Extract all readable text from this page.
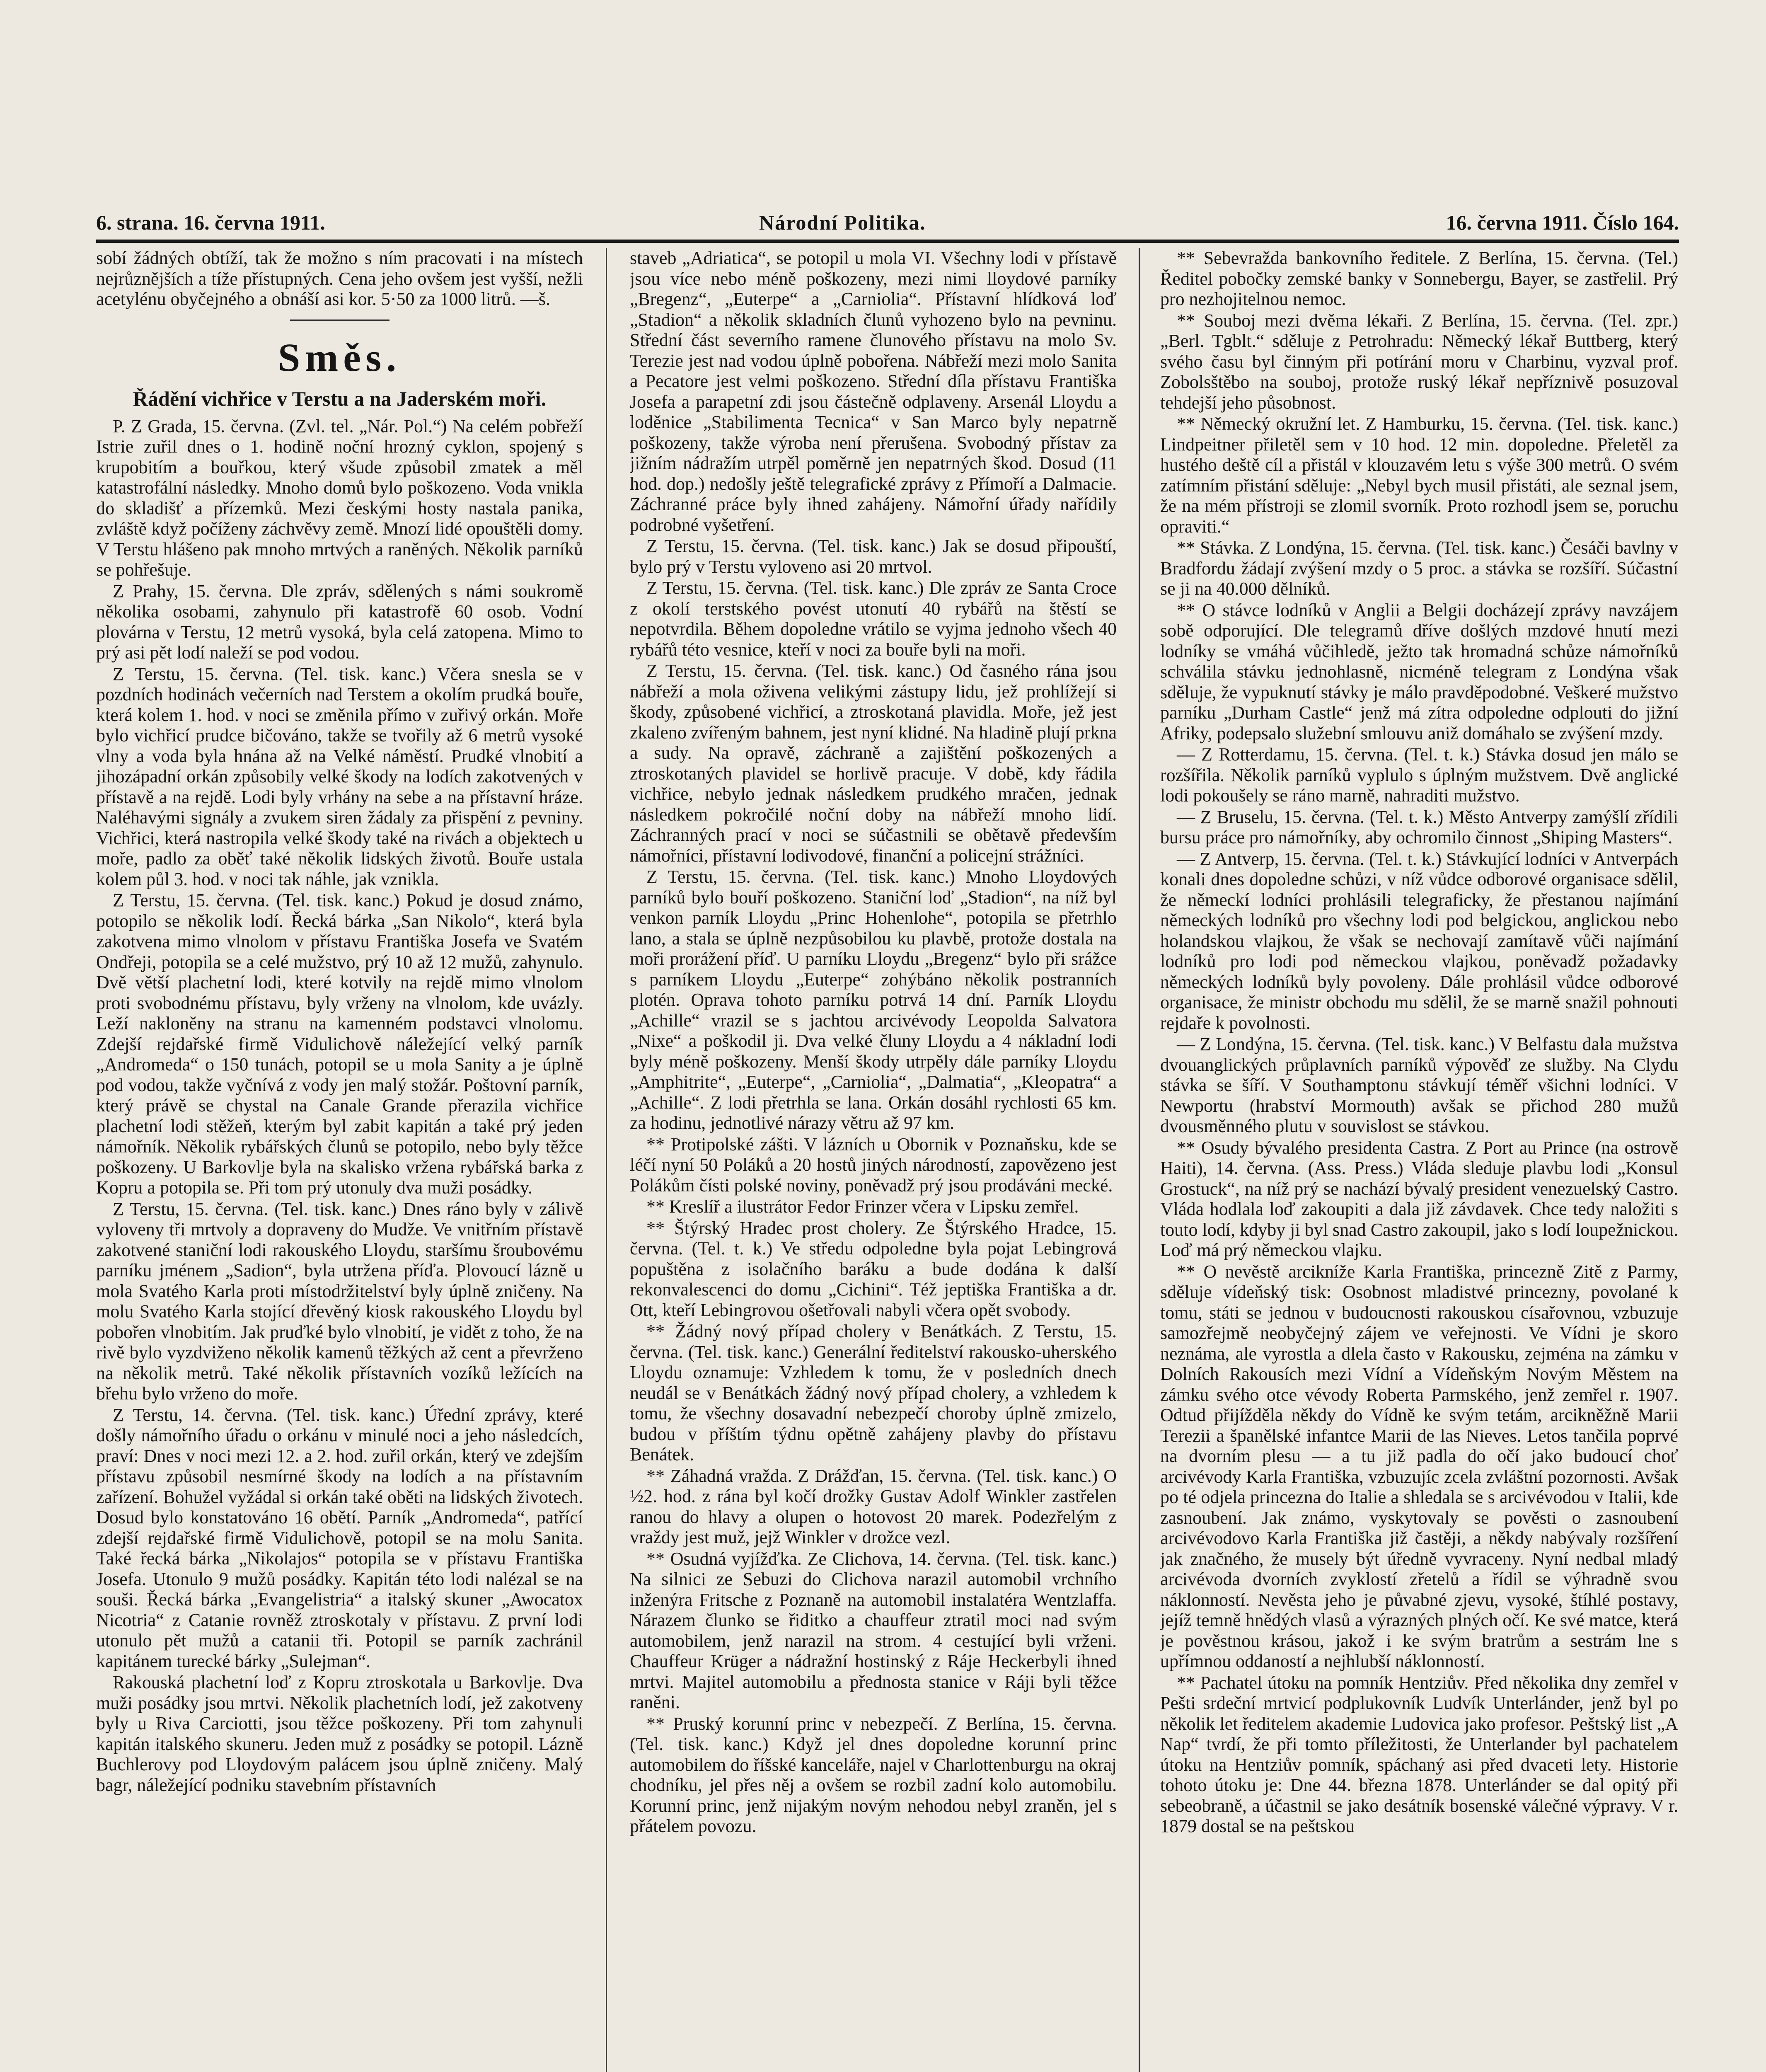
6. strana. 16. června 1911.	Národní Politika.	16. června 1911. Číslo 164.

sobí žádných obtíží, tak že možno s ním pracovati i na místech nejrůznějších a tíže přístupných. Cena jeho ovšem jest vyšší, nežli acetylénu obyčejného a obnáší asi kor. 5·50 za 1000 litrů. —š.

Směs.
Řádění vichřice v Terstu a na Jaderském moři.

P. Z Grada, 15. června. (Zvl. tel. „Nár. Pol.“) Na celém pobřeží Istrie zuřil dnes o 1. hodině noční hrozný cyklon, spojený s krupobitím a bouřkou, který všude způsobil zmatek a měl katastrofální následky. Mnoho domů bylo poškozeno. Voda vnikla do skladišť a přízemků. Mezi českými hosty nastala panika, zvláště když počíženy záchvěvy země. Mnozí lidé opouštěli domy. V Terstu hlášeno pak mnoho mrtvých a raněných. Několik parníků se pohřešuje.

Z Prahy, 15. června. Dle zpráv, sdělených s námi soukromě několika osobami, zahynulo při katastrofě 60 osob. Vodní plovárna v Terstu, 12 metrů vysoká, byla celá zatopena. Mimo to prý asi pět lodí naleží se pod vodou.

Z Terstu, 15. června. (Tel. tisk. kanc.) Včera snesla se v pozdních hodinách večerních nad Terstem a okolím prudká bouře, která kolem 1. hod. v noci se změnila přímo v zuřivý orkán. Moře bylo vichřicí prudce bičováno, takže se tvořily až 6 metrů vysoké vlny a voda byla hnána až na Velké náměstí. Prudké vlnobití a jihozápadní orkán způsobily velké škody na lodích zakotvených v přístavě a na rejdě. Lodi byly vrhány na sebe a na přístavní hráze. Naléhavými signály a zvukem siren žádaly za přispění z pevniny. Vichřici, která nastropila velké škody také na rivách a objektech u moře, padlo za oběť také několik lidských životů. Bouře ustala kolem půl 3. hod. v noci tak náhle, jak vznikla.

Z Terstu, 15. června. (Tel. tisk. kanc.) Pokud je dosud známo, potopilo se několik lodí. Řecká bárka „San Nikolo“, která byla zakotvena mimo vlnolom v přístavu Františka Josefa ve Svatém Ondřeji, potopila se a celé mužstvo, prý 10 až 12 mužů, zahynulo. Dvě větší plachetní lodi, které kotvily na rejdě mimo vlnolom proti svobodnému přístavu, byly vrženy na vlnolom, kde uvázly. Leží nakloněny na stranu na kamenném podstavci vlnolomu. Zdejší rejdařské firmě Vidulichově náležející velký parník „Andromeda“ o 150 tunách, potopil se u mola Sanity a je úplně pod vodou, takže vyčnívá z vody jen malý stožár. Poštovní parník, který právě se chystal na Canale Grande přerazila vichřice plachetní lodi stěžeň, kterým byl zabit kapitán a také prý jeden námořník. Několik rybářských člunů se potopilo, nebo byly těžce poškozeny. U Barkovlje byla na skalisko vržena rybářská barka z Kopru a potopila se. Při tom prý utonuly dva muži posádky.

Z Terstu, 15. června. (Tel. tisk. kanc.) Dnes ráno byly v zálivě vyloveny tři mrtvoly a dopraveny do Mudže. Ve vnitřním přístavě zakotvené staniční lodi rakouského Lloydu, staršímu šroubovému parníku jménem „Sadion“, byla utržena příďa. Plovoucí lázně u mola Svatého Karla proti místodržitelství byly úplně zničeny. Na molu Svatého Karla stojící dřevěný kiosk rakouského Lloydu byl pobořen vlnobitím. Jak pruďké bylo vlnobití, je vidět z toho, že na rivě bylo vyzdviženo několik kamenů těžkých až cent a převrženo na několik metrů. Také několik přístavních vozíků ležících na břehu bylo vrženo do moře.

Z Terstu, 14. června. (Tel. tisk. kanc.) Úřední zprávy, které došly námořního úřadu o orkánu v minulé noci a jeho následcích, praví: Dnes v noci mezi 12. a 2. hod. zuřil orkán, který ve zdejším přístavu způsobil nesmírné škody na lodích a na přístavním zařízení. Bohužel vyžádal si orkán také oběti na lidských životech. Dosud bylo konstatováno 16 obětí. Parník „Andromeda“, patřící zdejší rejdařské firmě Vidulichově, potopil se na molu Sanita. Také řecká bárka „Nikolajos“ potopila se v přístavu Františka Josefa. Utonulo 9 mužů posádky. Kapitán této lodi nalézal se na souši. Řecká bárka „Evangelistria“ a italský skuner „Awocatox Nicotria“ z Catanie rovněž ztroskotaly v přístavu. Z první lodi utonulo pět mužů a catanii tři. Potopil se parník zachránil kapitánem turecké bárky „Sulejman“.

Rakouská plachetní loď z Kopru ztroskotala u Barkovlje. Dva muži posádky jsou mrtvi. Několik plachetních lodí, jež zakotveny byly u Riva Carciotti, jsou těžce poškozeny. Při tom zahynuli kapitán italského skuneru. Jeden muž z posádky se potopil. Lázně Buchlerovy pod Lloydovým palácem jsou úplně zničeny. Malý bagr, náležející podniku stavebním přístavních

staveb „Adriatica“, se potopil u mola VI. Všechny lodi v přístavě jsou více nebo méně poškozeny, mezi nimi lloydové parníky „Bregenz“, „Euterpe“ a „Carniolia“. Přístavní hlídková loď „Stadion“ a několik skladních člunů vyhozeno bylo na pevninu. Střední část severního ramene člunového přístavu na molo Sv. Terezie jest nad vodou úplně pobořena. Nábřeží mezi molo Sanita a Pecatore jest velmi poškozeno. Střední díla přístavu Františka Josefa a parapetní zdi jsou částečně odplaveny. Arsenál Lloydu a loděnice „Stabilimenta Tecnica“ v San Marco byly nepatrně poškozeny, takže výroba není přerušena. Svobodný přístav za jižním nádražím utrpěl poměrně jen nepatrných škod. Dosud (11 hod. dop.) nedošly ještě telegrafické zprávy z Přímoří a Dalmacie. Záchranné práce byly ihned zahájeny. Námořní úřady nařídily podrobné vyšetření.

Z Terstu, 15. června. (Tel. tisk. kanc.) Jak se dosud připouští, bylo prý v Terstu vyloveno asi 20 mrtvol.

Z Terstu, 15. června. (Tel. tisk. kanc.) Dle zpráv ze Santa Croce z okolí terstského povést utonutí 40 rybářů na štěstí se nepotvrdila. Během dopoledne vrátilo se vyjma jednoho všech 40 rybářů této vesnice, kteří v noci za bouře byli na moři.

Z Terstu, 15. června. (Tel. tisk. kanc.) Od časného rána jsou nábřeží a mola oživena velikými zástupy lidu, jež prohlížejí si škody, způsobené vichřicí, a ztroskotaná plavidla. Moře, jež jest zkaleno zvířeným bahnem, jest nyní klidné. Na hladině plují prkna a sudy. Na opravě, záchraně a zajištění poškozených a ztroskotaných plavidel se horlivě pracuje. V době, kdy řádila vichřice, nebylo jednak následkem prudkého mračen, jednak následkem pokročilé noční doby na nábřeží mnoho lidí. Záchranných prací v noci se súčastnili se obětavě především námořníci, přístavní lodivodové, finanční a policejní strážníci.

Z Terstu, 15. června. (Tel. tisk. kanc.) Mnoho Lloydových parníků bylo bouří poškozeno. Staniční loď „Stadion“, na níž byl venkon parník Lloydu „Princ Hohenlohe“, potopila se přetrhlo lano, a stala se úplně nezpůsobilou ku plavbě, protože dostala na moři prorážení příď. U parníku Lloydu „Bregenz“ bylo při srážce s parníkem Lloydu „Euterpe“ zohýbáno několik postranních plotén. Oprava tohoto parníku potrvá 14 dní. Parník Lloydu „Achille“ vrazil se s jachtou arcivévody Leopolda Salvatora „Nixe“ a poškodil ji. Dva velké čluny Lloydu a 4 nákladní lodi byly méně poškozeny. Menší škody utrpěly dále parníky Lloydu „Amphitrite“, „Euterpe“, „Carniolia“, „Dalmatia“, „Kleopatra“ a „Achille“. Z lodi přetrhla se lana. Orkán dosáhl rychlosti 65 km. za hodinu, jednotlivé nárazy větru až 97 km.

** Protipolské zášti. V lázních u Obornik v Poznaňsku, kde se léčí nyní 50 Poláků a 20 hostů jiných národností, zapovězeno jest Polákům čísti polské noviny, poněvadž prý jsou prodáváni mecké.

** Kreslíř a ilustrátor Fedor Frinzer včera v Lipsku zemřel.

** Štýrský Hradec prost cholery. Ze Štýrského Hradce, 15. června. (Tel. t. k.) Ve středu odpoledne byla pojat Lebingrová popuštěna z isolačního baráku a bude dodána k další rekonvalescenci do domu „Cichini“. Též jeptiška Františka a dr. Ott, kteří Lebingrovou ošetřovali nabyli včera opět svobody.

** Žádný nový případ cholery v Benátkách. Z Terstu, 15. června. (Tel. tisk. kanc.) Generální ředitelství rakousko-uherského Lloydu oznamuje: Vzhledem k tomu, že v posledních dnech neudál se v Benátkách žádný nový případ cholery, a vzhledem k tomu, že všechny dosavadní nebezpečí choroby úplně zmizelo, budou v příštím týdnu opětně zahájeny plavby do přístavu Benátek.

** Záhadná vražda. Z Drážďan, 15. června. (Tel. tisk. kanc.) O ½2. hod. z rána byl kočí drožky Gustav Adolf Winkler zastřelen ranou do hlavy a olupen o hotovost 20 marek. Podezřelým z vraždy jest muž, jejž Winkler v drožce vezl.

** Osudná vyjížďka. Ze Clichova, 14. června. (Tel. tisk. kanc.) Na silnici ze Sebuzi do Clichova narazil automobil vrchního inženýra Fritsche z Poznaně na automobil instalatéra Wentzlaffa. Nárazem člunko se řiditko a chauffeur ztratil moci nad svým automobilem, jenž narazil na strom. 4 cestující byli vrženi. Chauffeur Krüger a nádražní hostinský z Ráje Heckerbyli ihned mrtvi. Majitel automobilu a přednosta stanice v Ráji byli těžce raněni.

** Pruský korunní princ v nebezpečí. Z Berlína, 15. června. (Tel. tisk. kanc.) Když jel dnes dopoledne korunní princ automobilem do říšské kanceláře, najel v Charlottenburgu na okraj chodníku, jel přes něj a ovšem se rozbil zadní kolo automobilu. Korunní princ, jenž nijakým novým nehodou nebyl zraněn, jel s přátelem povozu.

** Sebevražda bankovního ředitele. Z Berlína, 15. června. (Tel.) Ředitel pobočky zemské banky v Sonnebergu, Bayer, se zastřelil. Prý pro nezhojitelnou nemoc.

** Souboj mezi dvěma lékaři. Z Berlína, 15. června. (Tel. zpr.) „Berl. Tgblt.“ sděluje z Petrohradu: Německý lékař Buttberg, který svého času byl činným při potírání moru v Charbinu, vyzval prof. Zobolsštěbo na souboj, protože ruský lékař nepříznivě posuzoval tehdejší jeho působnost.

** Německý okružní let. Z Hamburku, 15. června. (Tel. tisk. kanc.) Lindpeitner přiletěl sem v 10 hod. 12 min. dopoledne. Přeletěl za hustého deště cíl a přistál v klouzavém letu s výše 300 metrů. O svém zatímním přistání sděluje: „Nebyl bych musil přistáti, ale seznal jsem, že na mém přístroji se zlomil svorník. Proto rozhodl jsem se, poruchu opraviti.“

** Stávka. Z Londýna, 15. června. (Tel. tisk. kanc.) Česáči bavlny v Bradfordu žádají zvýšení mzdy o 5 proc. a stávka se rozšíří. Súčastní se ji na 40.000 dělníků.

** O stávce lodníků v Anglii a Belgii docházejí zprávy navzájem sobě odporující. Dle telegramů dříve došlých mzdové hnutí mezi lodníky se vmáhá vůčihledě, ježto tak hromadná schůze námořníků schválila stávku jednohlasně, nicméně telegram z Londýna však sděluje, že vypuknutí stávky je málo pravděpodobné. Veškeré mužstvo parníku „Durham Castle“ jenž má zítra odpoledne odplouti do jižní Afriky, podepsalo služební smlouvu aniž domáhalo se zvýšení mzdy.

— Z Rotterdamu, 15. června. (Tel. t. k.) Stávka dosud jen málo se rozšířila. Několik parníků vyplulo s úplným mužstvem. Dvě anglické lodi pokoušely se ráno marně, nahraditi mužstvo.

— Z Bruselu, 15. června. (Tel. t. k.) Město Antverpy zamýšlí zřídili bursu práce pro námořníky, aby ochromilo činnost „Shiping Masters“.

— Z Antverp, 15. června. (Tel. t. k.) Stávkující lodníci v Antverpách konali dnes dopoledne schůzi, v níž vůdce odborové organisace sdělil, že německí lodníci prohlásili telegraficky, že přestanou najímání německých lodníků pro všechny lodi pod belgickou, anglickou nebo holandskou vlajkou, že však se nechovají zamítavě vůči najímání lodníků pro lodi pod německou vlajkou, poněvadž požadavky německých lodníků byly povoleny. Dále prohlásil vůdce odborové organisace, že ministr obchodu mu sdělil, že se marně snažil pohnouti rejdaře k povolnosti.

— Z Londýna, 15. června. (Tel. tisk. kanc.) V Belfastu dala mužstva dvouanglických průplavních parníků výpověď ze služby. Na Clydu stávka se šíří. V Southamptonu stávkují téměř všichni lodníci. V Newportu (hrabství Mormouth) avšak se přichod 280 mužů dvousměnného plutu v souvislost se stávkou.

** Osudy bývalého presidenta Castra. Z Port au Prince (na ostrově Haiti), 14. června. (Ass. Press.) Vláda sleduje plavbu lodi „Konsul Grostuck“, na níž prý se nachází bývalý president venezuelský Castro. Vláda hodlala loď zakoupiti a dala již závdavek. Chce tedy naložiti s touto lodí, kdyby ji byl snad Castro zakoupil, jako s lodí loupežnickou. Loď má prý německou vlajku.

** O nevěstě arcikníže Karla Františka, princezně Zitě z Parmy, sděluje vídeňský tisk: Osobnost mladistvé princezny, povolané k tomu, státi se jednou v budoucnosti rakouskou císařovnou, vzbuzuje samozřejmě neobyčejný zájem ve veřejnosti. Ve Vídni je skoro neznáma, ale vyrostla a dlela často v Rakousku, zejména na zámku v Dolních Rakousích mezi Vídní a Vídeňským Novým Městem na zámku svého otce vévody Roberta Parmského, jenž zemřel r. 1907. Odtud přijížděla někdy do Vídně ke svým tetám, arcikněžně Marii Terezii a španělské infantce Marii de las Nieves. Letos tančila poprvé na dvorním plesu — a tu již padla do očí jako budoucí choť arcivévody Karla Františka, vzbuzujíc zcela zvláštní pozornosti. Avšak po té odjela princezna do Italie a shledala se s arcivévodou v Italii, kde zasnoubení. Jak známo, vyskytovaly se pověsti o zasnoubení arcivévodovo Karla Františka již častěji, a někdy nabývaly rozšíření jak značného, že musely být úředně vyvraceny. Nyní nedbal mladý arcivévoda dvorních zvyklostí zřetelů a řídil se výhradně svou náklonností. Nevěsta jeho je půvabné zjevu, vysoké, štíhlé postavy, jejíž temně hnědých vlasů a výrazných plných očí. Ke své matce, která je pověstnou krásou, jakož i ke svým bratrům a sestrám lne s upřímnou oddaností a nejhlubší náklonností.

** Pachatel útoku na pomník Hentziův. Před několika dny zemřel v Pešti srdeční mrtvicí podplukovník Ludvík Unterlánder, jenž byl po několik let ředitelem akademie Ludovica jako profesor. Peštský list „A Nap“ tvrdí, že při tomto příležitosti, že Unterlander byl pachatelem útoku na Hentziův pomník, spáchaný asi před dvaceti lety. Historie tohoto útoku je: Dne 44. března 1878. Unterlánder se dal opitý při sebeobraně, a účastnil se jako desátník bosenské válečné výpravy. V r. 1879 dostal se na peštskou
